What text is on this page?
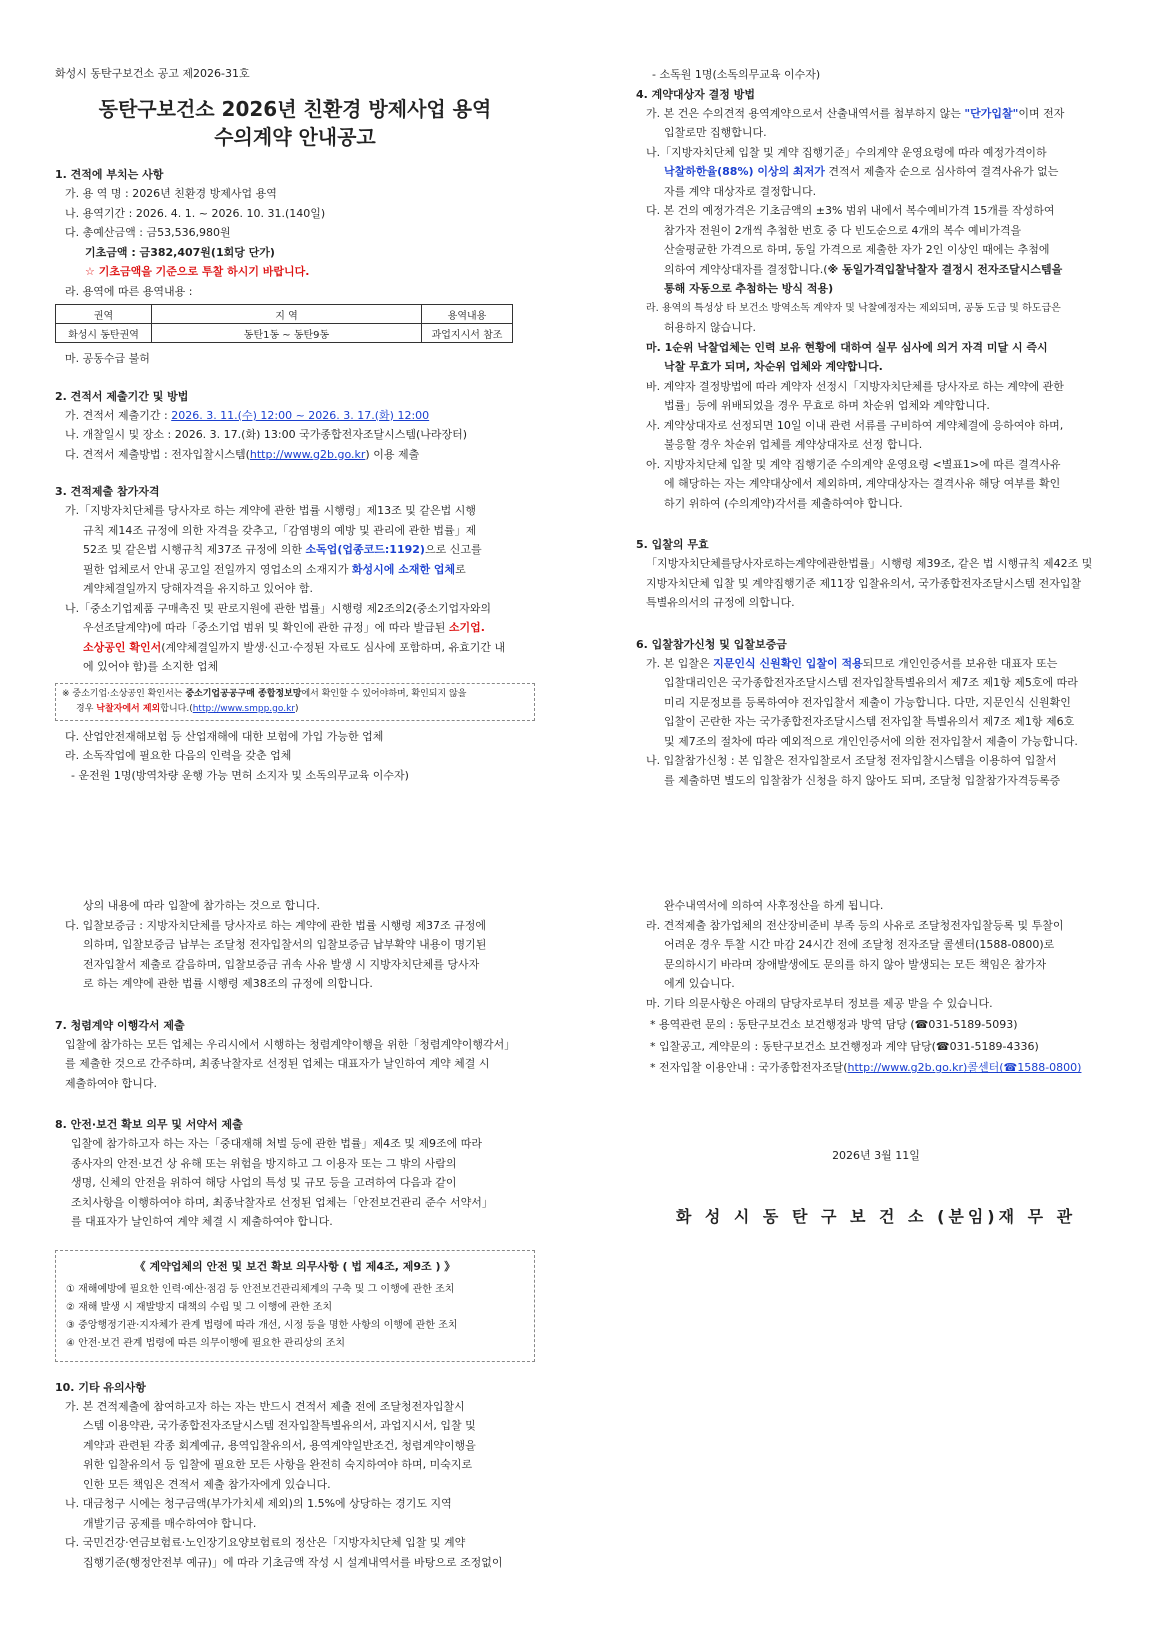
화성시 동탄구보건소 공고 제2026-31호
동탄구보건소 2026년 친환경 방제사업 용역
수의계약 안내공고
1. 견적에 부치는 사항
가. 용 역 명 : 2026년 친환경 방제사업 용역
나. 용역기간 : 2026. 4. 1. ~ 2026. 10. 31.(140일)
다. 총예산금액 : 금53,536,980원
기초금액 : 금382,407원(1회당 단가)
☆ 기초금액을 기준으로 투찰 하시기 바랍니다.
라. 용역에 따른 용역내용 :
권역	지 역	용역내용
화성시 동탄권역	동탄1동 ~ 동탄9동	과업지시서 참조
마. 공동수급 불허
2. 견적서 제출기간 및 방법
가. 견적서 제출기간 : 2026. 3. 11.(수) 12:00 ~ 2026. 3. 17.(화) 12:00
나. 개찰일시 및 장소 : 2026. 3. 17.(화) 13:00 국가종합전자조달시스템(나라장터)
다. 견적서 제출방법 : 전자입찰시스템(http://www.g2b.go.kr) 이용 제출
3. 견적제출 참가자격
가.「지방자치단체를 당사자로 하는 계약에 관한 법률 시행령」제13조 및 같은법 시행
규칙 제14조 규정에 의한 자격을 갖추고,「감염병의 예방 및 관리에 관한 법률」제
52조 및 같은법 시행규칙 제37조 규정에 의한 소독업(업종코드:1192)으로 신고를
필한 업체로서 안내 공고일 전일까지 영업소의 소재지가 화성시에 소재한 업체로
계약체결일까지 당해자격을 유지하고 있어야 함.
나.「중소기업제품 구매촉진 및 판로지원에 관한 법률」시행령 제2조의2(중소기업자와의
우선조달계약)에 따라「중소기업 범위 및 확인에 관한 규정」에 따라 발급된 소기업.
소상공인 확인서(계약체결일까지 발생·신고·수정된 자료도 심사에 포함하며, 유효기간 내
에 있어야 함)를 소지한 업체
※ 중소기업·소상공인 확인서는 중소기업공공구매 종합정보망에서 확인할 수 있어야하며, 확인되지 않을
경우 낙찰자에서 제외합니다.(http://www.smpp.go.kr)
다. 산업안전재해보험 등 산업재해에 대한 보험에 가입 가능한 업체
라. 소독작업에 필요한 다음의 인력을 갖춘 업체
- 운전원 1명(방역차량 운행 가능 면허 소지자 및 소독의무교육 이수자)
- 소독원 1명(소독의무교육 이수자)
4. 계약대상자 결정 방법
가. 본 건은 수의견적 용역계약으로서 산출내역서를 첨부하지 않는 "단가입찰"이며 전자
입찰로만 집행합니다.
나.「지방자치단체 입찰 및 계약 집행기준」수의계약 운영요령에 따라 예정가격이하
낙찰하한율(88%) 이상의 최저가 견적서 제출자 순으로 심사하여 결격사유가 없는
자를 계약 대상자로 결정합니다.
다. 본 건의 예정가격은 기초금액의 ±3% 범위 내에서 복수예비가격 15개를 작성하여
참가자 전원이 2개씩 추첨한 번호 중 다 빈도순으로 4개의 복수 예비가격을
산술평균한 가격으로 하며, 동일 가격으로 제출한 자가 2인 이상인 때에는 추첨에
의하여 계약상대자를 결정합니다.(※ 동일가격입찰낙찰자 결정시 전자조달시스템을
통해 자동으로 추첨하는 방식 적용)
라. 용역의 특성상 타 보건소 방역소독 계약자 및 낙찰예정자는 제외되며, 공동 도급 및 하도급은
허용하지 않습니다.
마. 1순위 낙찰업체는 인력 보유 현황에 대하여 실무 심사에 의거 자격 미달 시 즉시
낙찰 무효가 되며, 차순위 업체와 계약합니다.
바. 계약자 결정방법에 따라 계약자 선정시「지방자치단체를 당사자로 하는 계약에 관한
법률」등에 위배되었을 경우 무효로 하며 차순위 업체와 계약합니다.
사. 계약상대자로 선정되면 10일 이내 관련 서류를 구비하여 계약체결에 응하여야 하며,
불응할 경우 차순위 업체를 계약상대자로 선정 합니다.
아. 지방자치단체 입찰 및 계약 집행기준 수의계약 운영요령 <별표1>에 따른 결격사유
에 해당하는 자는 계약대상에서 제외하며, 계약대상자는 결격사유 해당 여부를 확인
하기 위하여 (수의계약)각서를 제출하여야 합니다.
5. 입찰의 무효
「지방자치단체를당사자로하는계약에관한법률」시행령 제39조, 같은 법 시행규칙 제42조 및
지방자치단체 입찰 및 계약집행기준 제11장 입찰유의서, 국가종합전자조달시스템 전자입찰
특별유의서의 규정에 의합니다.
6. 입찰참가신청 및 입찰보증금
가. 본 입찰은 지문인식 신원확인 입찰이 적용되므로 개인인증서를 보유한 대표자 또는
입찰대리인은 국가종합전자조달시스템 전자입찰특별유의서 제7조 제1항 제5호에 따라
미리 지문정보를 등록하여야 전자입찰서 제출이 가능합니다. 다만, 지문인식 신원확인
입찰이 곤란한 자는 국가종합전자조달시스템 전자입찰 특별유의서 제7조 제1항 제6호
및 제7조의 절차에 따라 예외적으로 개인인증서에 의한 전자입찰서 제출이 가능합니다.
나. 입찰참가신청 : 본 입찰은 전자입찰로서 조달청 전자입찰시스템을 이용하여 입찰서
를 제출하면 별도의 입찰참가 신청을 하지 않아도 되며, 조달청 입찰참가자격등록증
상의 내용에 따라 입찰에 참가하는 것으로 합니다.
다. 입찰보증금 : 지방자치단체를 당사자로 하는 계약에 관한 법률 시행령 제37조 규정에
의하며, 입찰보증금 납부는 조달청 전자입찰서의 입찰보증금 납부확약 내용이 명기된
전자입찰서 제출로 갈음하며, 입찰보증금 귀속 사유 발생 시 지방자치단체를 당사자
로 하는 계약에 관한 법률 시행령 제38조의 규정에 의합니다.
7. 청렴계약 이행각서 제출
입찰에 참가하는 모든 업체는 우리시에서 시행하는 청렴계약이행을 위한「청렴계약이행각서」
를 제출한 것으로 간주하며, 최종낙찰자로 선정된 업체는 대표자가 날인하여 계약 체결 시
제출하여야 합니다.
8. 안전·보건 확보 의무 및 서약서 제출
입찰에 참가하고자 하는 자는「중대재해 처벌 등에 관한 법률」제4조 및 제9조에 따라
종사자의 안전·보건 상 유해 또는 위험을 방지하고 그 이용자 또는 그 밖의 사람의
생명, 신체의 안전을 위하여 해당 사업의 특성 및 규모 등을 고려하여 다음과 같이
조치사항을 이행하여야 하며, 최종낙찰자로 선정된 업체는「안전보건관리 준수 서약서」
를 대표자가 날인하여 계약 체결 시 제출하여야 합니다.
《 계약업체의 안전 및 보건 확보 의무사항 ( 법 제4조, 제9조 ) 》
① 재해예방에 필요한 인력·예산·점검 등 안전보건관리체계의 구축 및 그 이행에 관한 조치
② 재해 발생 시 재발방지 대책의 수립 및 그 이행에 관한 조치
③ 중앙행정기관·지자체가 관계 법령에 따라 개선, 시정 등을 명한 사항의 이행에 관한 조치
④ 안전·보건 관계 법령에 따른 의무이행에 필요한 관리상의 조치
10. 기타 유의사항
가. 본 견적제출에 참여하고자 하는 자는 반드시 견적서 제출 전에 조달청전자입찰시
스템 이용약관, 국가종합전자조달시스템 전자입찰특별유의서, 과업지시서, 입찰 및
계약과 관련된 각종 회계예규, 용역입찰유의서, 용역계약일반조건, 청렴계약이행을
위한 입찰유의서 등 입찰에 필요한 모든 사항을 완전히 숙지하여야 하며, 미숙지로
인한 모든 책임은 견적서 제출 참가자에게 있습니다.
나. 대금청구 시에는 청구금액(부가가치세 제외)의 1.5%에 상당하는 경기도 지역
개발기금 공제를 매수하여야 합니다.
다. 국민건강·연금보험료·노인장기요양보험료의 정산은「지방자치단체 입찰 및 계약
집행기준(행정안전부 예규)」에 따라 기초금액 작성 시 설계내역서를 바탕으로 조정없이
완수내역서에 의하여 사후정산을 하게 됩니다.
라. 견적제출 참가업체의 전산장비준비 부족 등의 사유로 조달청전자입찰등록 및 투찰이
어려운 경우 투찰 시간 마감 24시간 전에 조달청 전자조달 콜센터(1588-0800)로
문의하시기 바라며 장애발생에도 문의를 하지 않아 발생되는 모든 책임은 참가자
에게 있습니다.
마. 기타 의문사항은 아래의 담당자로부터 정보를 제공 받을 수 있습니다.
* 용역관련 문의 : 동탄구보건소 보건행정과 방역 담당 (☎031-5189-5093)
* 입찰공고, 계약문의 : 동탄구보건소 보건행정과 계약 담당(☎031-5189-4336)
* 전자입찰 이용안내 : 국가종합전자조달(http://www.g2b.go.kr)콜센터(☎1588-0800)
2026년 3월 11일
화 성 시 동 탄 구 보 건 소 (분임)재 무 관
